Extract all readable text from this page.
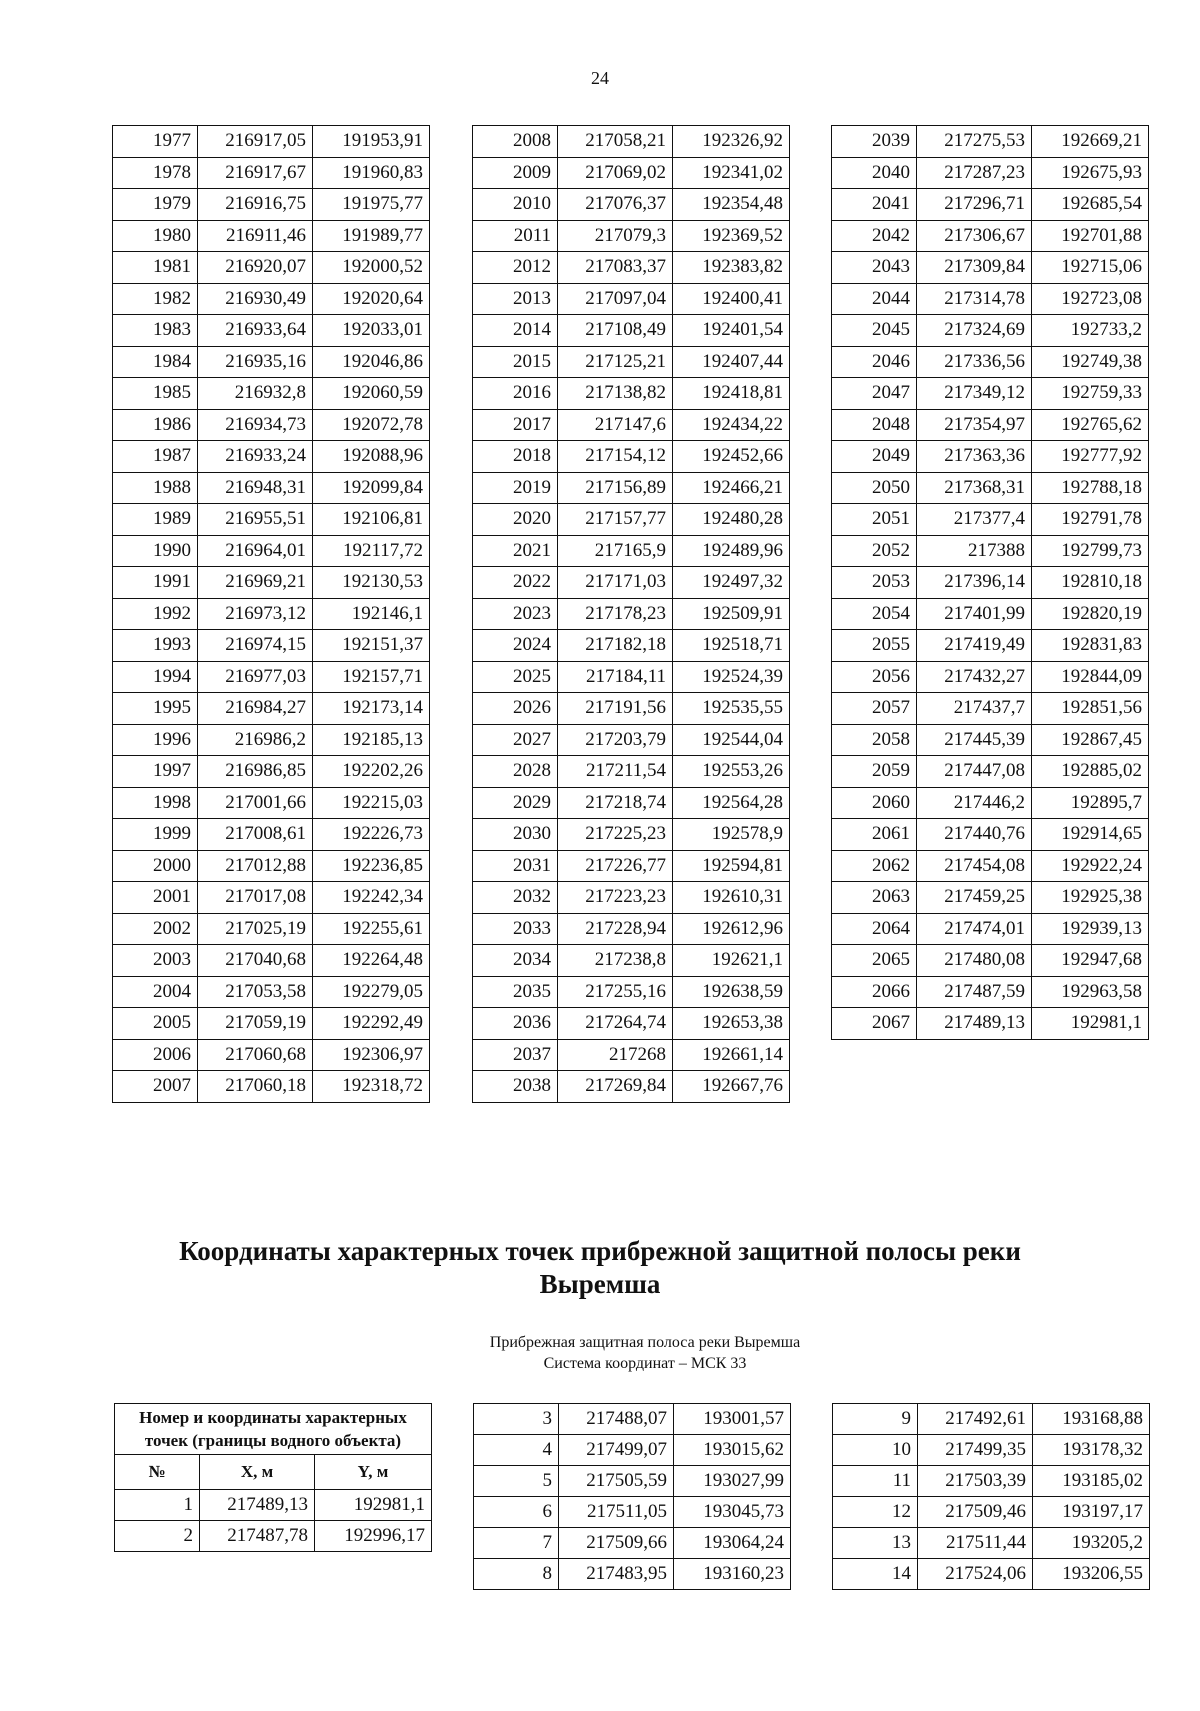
24
1977	216917,05	191953,91
1978	216917,67	191960,83
1979	216916,75	191975,77
1980	216911,46	191989,77
1981	216920,07	192000,52
1982	216930,49	192020,64
1983	216933,64	192033,01
1984	216935,16	192046,86
1985	216932,8	192060,59
1986	216934,73	192072,78
1987	216933,24	192088,96
1988	216948,31	192099,84
1989	216955,51	192106,81
1990	216964,01	192117,72
1991	216969,21	192130,53
1992	216973,12	192146,1
1993	216974,15	192151,37
1994	216977,03	192157,71
1995	216984,27	192173,14
1996	216986,2	192185,13
1997	216986,85	192202,26
1998	217001,66	192215,03
1999	217008,61	192226,73
2000	217012,88	192236,85
2001	217017,08	192242,34
2002	217025,19	192255,61
2003	217040,68	192264,48
2004	217053,58	192279,05
2005	217059,19	192292,49
2006	217060,68	192306,97
2007	217060,18	192318,72
2008	217058,21	192326,92
2009	217069,02	192341,02
2010	217076,37	192354,48
2011	217079,3	192369,52
2012	217083,37	192383,82
2013	217097,04	192400,41
2014	217108,49	192401,54
2015	217125,21	192407,44
2016	217138,82	192418,81
2017	217147,6	192434,22
2018	217154,12	192452,66
2019	217156,89	192466,21
2020	217157,77	192480,28
2021	217165,9	192489,96
2022	217171,03	192497,32
2023	217178,23	192509,91
2024	217182,18	192518,71
2025	217184,11	192524,39
2026	217191,56	192535,55
2027	217203,79	192544,04
2028	217211,54	192553,26
2029	217218,74	192564,28
2030	217225,23	192578,9
2031	217226,77	192594,81
2032	217223,23	192610,31
2033	217228,94	192612,96
2034	217238,8	192621,1
2035	217255,16	192638,59
2036	217264,74	192653,38
2037	217268	192661,14
2038	217269,84	192667,76
2039	217275,53	192669,21
2040	217287,23	192675,93
2041	217296,71	192685,54
2042	217306,67	192701,88
2043	217309,84	192715,06
2044	217314,78	192723,08
2045	217324,69	192733,2
2046	217336,56	192749,38
2047	217349,12	192759,33
2048	217354,97	192765,62
2049	217363,36	192777,92
2050	217368,31	192788,18
2051	217377,4	192791,78
2052	217388	192799,73
2053	217396,14	192810,18
2054	217401,99	192820,19
2055	217419,49	192831,83
2056	217432,27	192844,09
2057	217437,7	192851,56
2058	217445,39	192867,45
2059	217447,08	192885,02
2060	217446,2	192895,7
2061	217440,76	192914,65
2062	217454,08	192922,24
2063	217459,25	192925,38
2064	217474,01	192939,13
2065	217480,08	192947,68
2066	217487,59	192963,58
2067	217489,13	192981,1
Координаты характерных точек прибрежной защитной полосы реки
Выремша
Прибрежная защитная полоса реки Выремша
Система координат – МСК 33
Номер и координаты характерных точек (границы водного объекта)		
№	X, м	Y, м
1	217489,13	192981,1
2	217487,78	192996,17
3	217488,07	193001,57
4	217499,07	193015,62
5	217505,59	193027,99
6	217511,05	193045,73
7	217509,66	193064,24
8	217483,95	193160,23
9	217492,61	193168,88
10	217499,35	193178,32
11	217503,39	193185,02
12	217509,46	193197,17
13	217511,44	193205,2
14	217524,06	193206,55
